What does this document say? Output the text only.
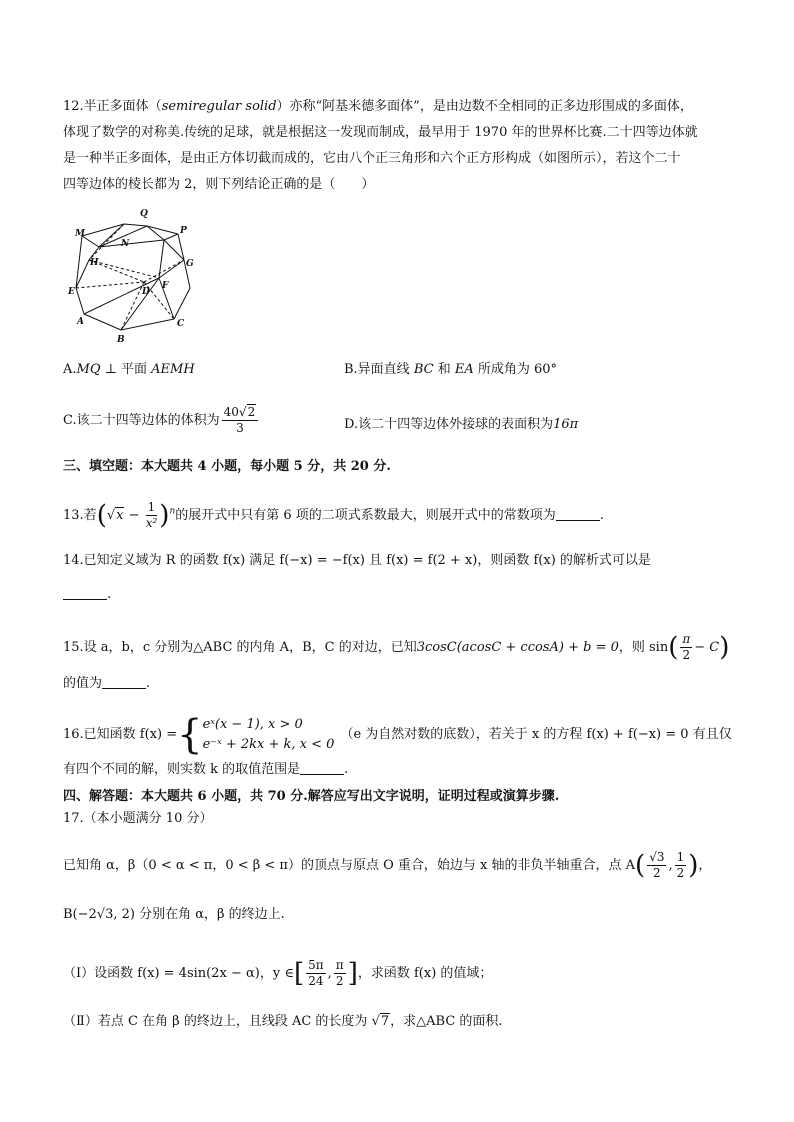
12.半正多面体（semiregular solid）亦称“阿基米德多面体”，是由边数不全相同的正多边形围成的多面体，
体现了数学的对称美.传统的足球，就是根据这一发现而制成，最早用于 1970 年的世界杯比赛.二十四等边体就
是一种半正多面体，是由正方体切截而成的，它由八个正三角形和六个正方形构成（如图所示），若这个二十
四等边体的棱长都为 2，则下列结论正确的是（　　）
Q
M
N
P
H	G
E	D
F
A	C
B
A.MQ ⊥ 平面 AEMH	B.异面直线 BC 和 EA 所成角为 60°
C.该二十四等边体的体积为 $\frac{40√2}{3}$	D.该二十四等边体外接球的表面积为16π
三、填空题：本大题共 4 小题，每小题 5 分，共 20 分.
13.若$(√x - \frac{1}{\text{x²}} )^n$的展开式中只有第 6 项的二项式系数最大，则展开式中的常数项为	.
14.已知定义域为 R 的函数 f(x) 满足 f(−x) = −f(x) 且 f(x) = f(2 + x)，则函数 f(x) 的解析式可以是
.
15.设 a，b，c 分别为△ABC 的内角 A，B，C 的对边，已知3cosC(acosC + ccosA) + b = 0，则 $\sin( \frac{\pi}{2} - C)$
的值为	.
16.已知函数 f(x) ={ eˣ(x − 1), x > 0
e⁻ˣ + 2kx + k, x < 0
（e 为自然对数的底数），若关于 x 的方程 f(x) + f(−x) = 0 有且仅
有四个不同的解，则实数 k 的取值范围是	.
四、解答题：本大题共 6 小题，共 70 分.解答应写出文字说明，证明过程或演算步骤.
17.（本小题满分 10 分）
已知角 α，β（0 < α < π，0 < β < π）的顶点与原点 O 重合，始边与 x 轴的非负半轴重合，点 $A( \frac{√3}{2}$ , $\frac{1}{2}$ )，
B(−2√3, 2) 分别在角 α，β 的终边上.
（Ⅰ）设函数 f(x) = 4sin(2x − α)，y ∈[ $\frac{5\pi}{24}$ , $\frac{\pi}{2}$ ]，求函数 f(x) 的值域；
（Ⅱ）若点 C 在角 β 的终边上，且线段 AC 的长度为 √7，求△ABC 的面积.
